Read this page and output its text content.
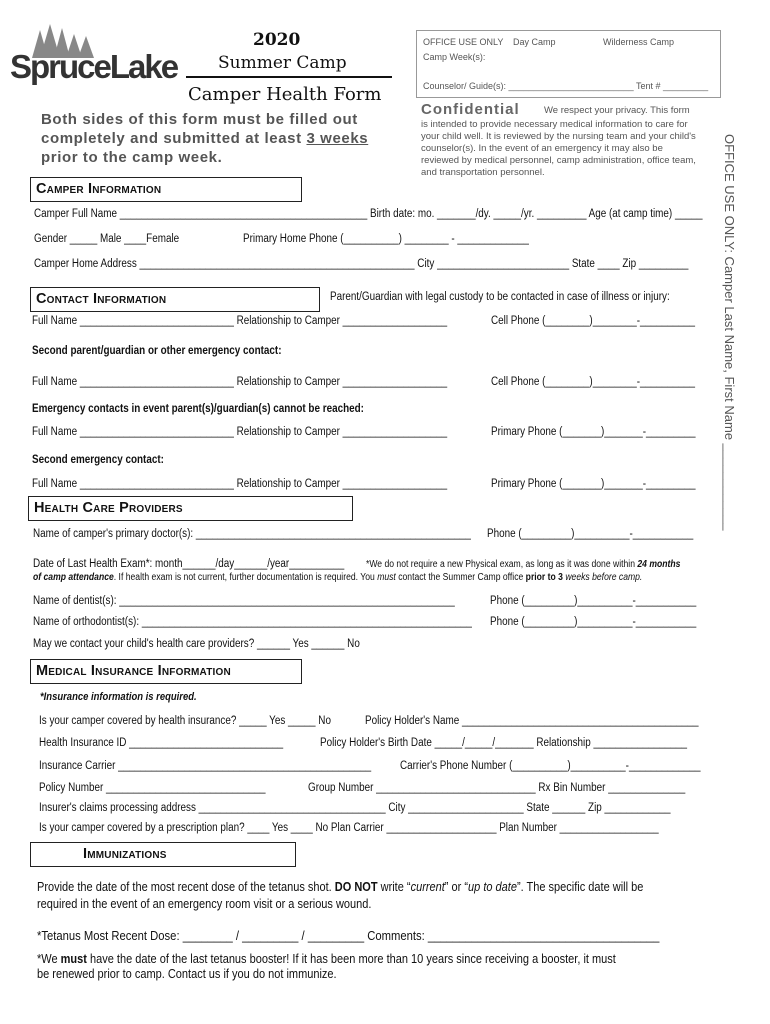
SpruceLake
2020
Summer Camp
Camper Health Form
Both sides of this form must be filled out completely and submitted at least 3 weeks prior to the camp week.
OFFICE USE ONLY Day Camp	Wilderness Camp
Camp Week(s):
Counselor/ Guide(s): _________________________ Tent # _________
Confidential	We respect your privacy. This form
is intended to provide necessary medical information to care for
your child well. It is reviewed by the nursing team and your child's
counselor(s). In the event of an emergency it may also be
reviewed by medical personnel, camp administration, office team,
and transportation personnel.	OFFICE USE ONLY: Camper Last Name, First Name ____________
Camper Information
Camper Full Name _____________________________________________ Birth date: mo. _______/dy. _____/yr. _________ Age (at camp time) _____
Gender _____ Male ____Female	Primary Home Phone (__________) ________ - _____________
Camper Home Address __________________________________________________ City ________________________ State ____ Zip _________
Contact Information	Parent/Guardian with legal custody to be contacted in case of illness or injury:
Full Name ____________________________ Relationship to Camper ___________________	Cell Phone (________)________-__________
Second parent/guardian or other emergency contact:
Full Name ____________________________ Relationship to Camper ___________________	Cell Phone (________)________-__________
Emergency contacts in event parent(s)/guardian(s) cannot be reached:
Full Name ____________________________ Relationship to Camper ___________________	Primary Phone (_______)_______-_________
Second emergency contact:
Full Name ____________________________ Relationship to Camper ___________________	Primary Phone (_______)_______-_________
Health Care Providers
Name of camper's primary doctor(s): __________________________________________________ Phone (_________)__________-___________
Date of Last Health Exam*: month______/day______/year__________ *We do not require a new Physical exam, as long as it was done within 24 months
of camp attendance. If health exam is not current, further documentation is required. You must contact the Summer Camp office prior to 3 weeks before camp.
Name of dentist(s): _____________________________________________________________	Phone (_________)__________-___________
Name of orthodontist(s): ____________________________________________________________ Phone (_________)__________-___________
May we contact your child's health care providers? ______ Yes ______ No
Medical Insurance Information
*Insurance information is required.
Is your camper covered by health insurance? _____ Yes _____ No	Policy Holder's Name ___________________________________________
Health Insurance ID ____________________________	Policy Holder's Birth Date _____/_____/_______ Relationship _________________
Insurance Carrier ______________________________________________	Carrier's Phone Number (__________)__________-_____________
Policy Number _____________________________	Group Number _____________________________ Rx Bin Number ______________
Insurer's claims processing address __________________________________ City _____________________ State ______ Zip ____________
Is your camper covered by a prescription plan? ____ Yes ____ No Plan Carrier ____________________ Plan Number __________________
Immunizations
Provide the date of the most recent dose of the tetanus shot. DO NOT write “current” or “up to date”. The specific date will be
required in the event of an emergency room visit or a serious wound.
*Tetanus Most Recent Dose: ________ / _________ / _________ Comments: _____________________________________
*We must have the date of the last tetanus booster! If it has been more than 10 years since receiving a booster, it must
be renewed prior to camp. Contact us if you do not immunize.
